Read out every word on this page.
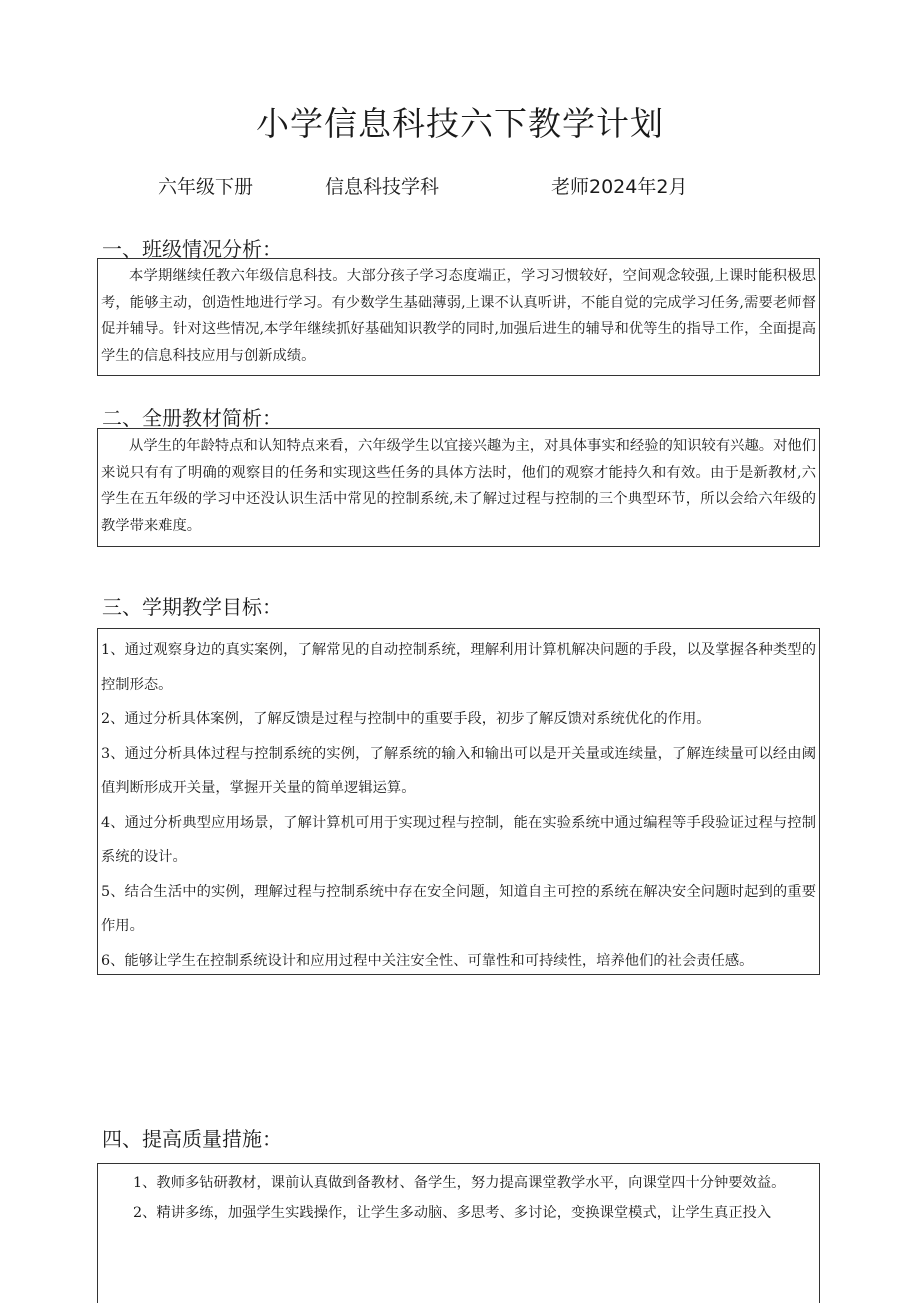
小学信息科技六下教学计划
六年级下册	信息科技学科	老师2024年2月
一、班级情况分析：

本学期继续任教六年级信息科技。大部分孩子学习态度端正，学习习惯较好，空间观念较强,上课时能积极思考，能够主动，创造性地进行学习。有少数学生基础薄弱,上课不认真听讲，不能自觉的完成学习任务,需要老师督促并辅导。针对这些情况,本学年继续抓好基础知识教学的同时,加强后进生的辅导和优等生的指导工作，全面提高学生的信息科技应用与创新成绩。

二、全册教材简析：

从学生的年龄特点和认知特点来看，六年级学生以宜接兴趣为主，对具体事实和经验的知识较有兴趣。对他们来说只有有了明确的观察目的任务和实现这些任务的具体方法时，他们的观察才能持久和有效。由于是新教材,六学生在五年级的学习中还没认识生活中常见的控制系统,未了解过过程与控制的三个典型环节，所以会给六年级的教学带来难度。

三、学期教学目标：

1、通过观察身边的真实案例，了解常见的自动控制系统，理解利用计算机解决问题的手段，以及掌握各种类型的控制形态。

2、通过分析具体案例，了解反馈是过程与控制中的重要手段，初步了解反馈对系统优化的作用。

3、通过分析具体过程与控制系统的实例，了解系统的输入和输出可以是开关量或连续量，了解连续量可以经由阈值判断形成开关量，掌握开关量的简单逻辑运算。

4、通过分析典型应用场景，了解计算机可用于实现过程与控制，能在实验系统中通过编程等手段验证过程与控制系统的设计。

5、结合生活中的实例，理解过程与控制系统中存在安全问题，知道自主可控的系统在解决安全问题时起到的重要作用。

6、能够让学生在控制系统设计和应用过程中关注安全性、可靠性和可持续性，培养他们的社会责任感。

四、提高质量措施：

1、教师多钻研教材，课前认真做到备教材、备学生，努力提高课堂教学水平，向课堂四十分钟要效益。

2、精讲多练，加强学生实践操作，让学生多动脑、多思考、多讨论，变换课堂模式，让学生真正投入
